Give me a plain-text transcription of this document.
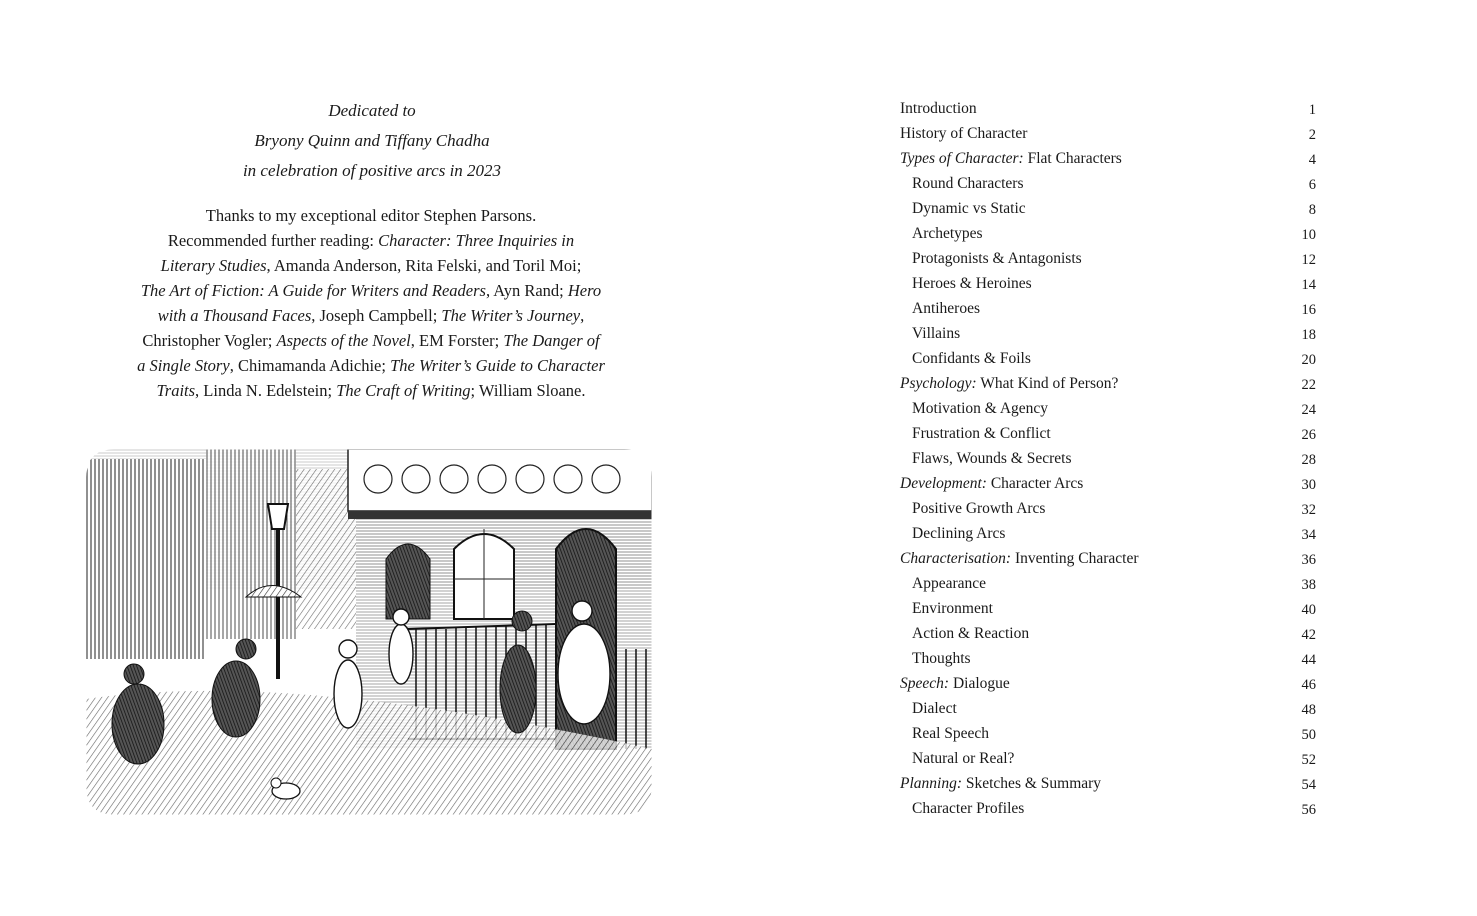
Dedicated to
Bryony Quinn and Tiffany Chadha
in celebration of positive arcs in 2023
Thanks to my exceptional editor Stephen Parsons.
Recommended further reading: Character: Three Inquiries in
Literary Studies, Amanda Anderson, Rita Felski, and Toril Moi;
The Art of Fiction: A Guide for Writers and Readers, Ayn Rand; Hero
with a Thousand Faces, Joseph Campbell; The Writer’s Journey,
Christopher Vogler; Aspects of the Novel, EM Forster; The Danger of
a Single Story, Chimamanda Adichie; The Writer’s Guide to Character
Traits, Linda N. Edelstein; The Craft of Writing; William Sloane.
Introduction	1
History of Character	2
Types of Character: Flat Characters	4
Round Characters	6
Dynamic vs Static	8
Archetypes	10
Protagonists & Antagonists	12
Heroes & Heroines	14
Antiheroes	16
Villains	18
Confidants & Foils	20
Psychology: What Kind of Person?	22
Motivation & Agency	24
Frustration & Conflict	26
Flaws, Wounds & Secrets	28
Development: Character Arcs	30
Positive Growth Arcs	32
Declining Arcs	34
Characterisation: Inventing Character	36
Appearance	38
Environment	40
Action & Reaction	42
Thoughts	44
Speech: Dialogue	46
Dialect	48
Real Speech	50
Natural or Real?	52
Planning: Sketches & Summary	54
Character Profiles	56
